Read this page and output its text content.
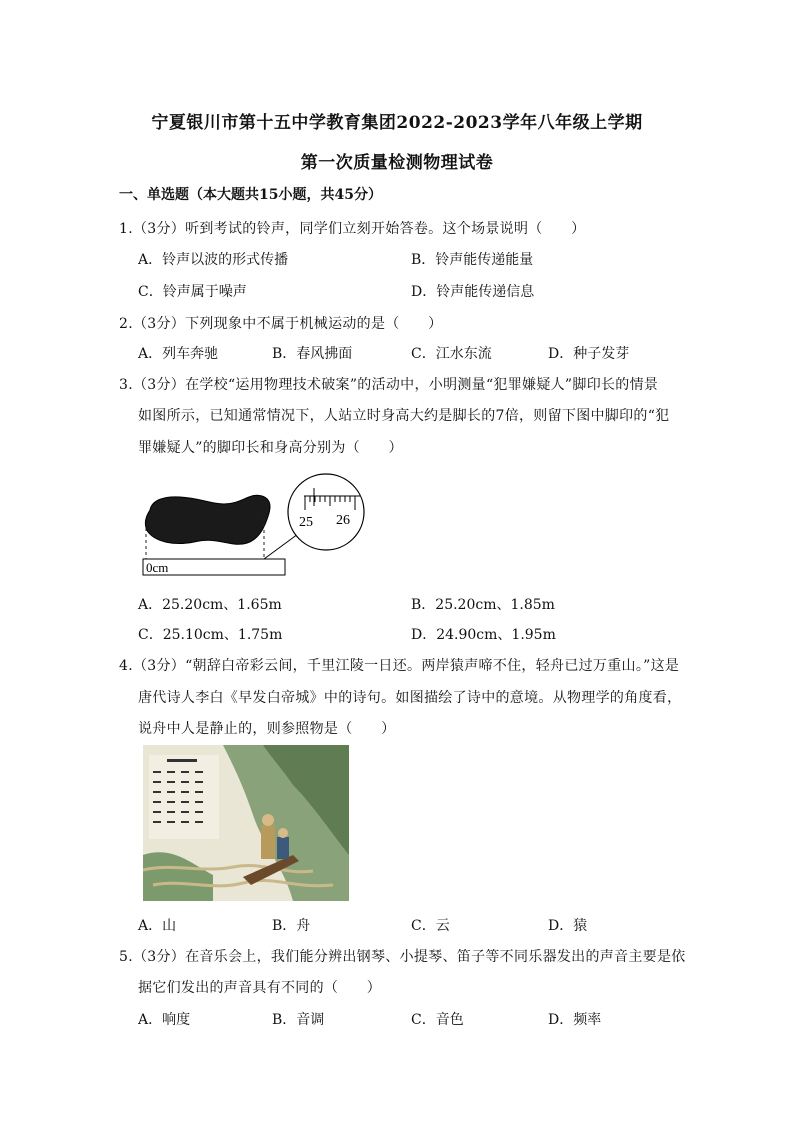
宁夏银川市第十五中学教育集团2022-2023学年八年级上学期
第一次质量检测物理试卷
一、单选题（本大题共15小题，共45分）
1.（3分）听到考试的铃声，同学们立刻开始答卷。这个场景说明（　　）
A．铃声以波的形式传播	B．铃声能传递能量
C．铃声属于噪声	D．铃声能传递信息
2.（3分）下列现象中不属于机械运动的是（　　）
A．列车奔驰	B．春风拂面	C．江水东流	D．种子发芽
3.（3分）在学校“运用物理技术破案”的活动中，小明测量“犯罪嫌疑人”脚印长的情景
如图所示，已知通常情况下，人站立时身高大约是脚长的7倍，则留下图中脚印的“犯
罪嫌疑人”的脚印长和身高分别为（　　）
0cm
25 26
A．25.20cm、1.65m	B．25.20cm、1.85m
C．25.10cm、1.75m	D．24.90cm、1.95m
4.（3分）“朝辞白帝彩云间，千里江陵一日还。两岸猿声啼不住，轻舟已过万重山。”这是
唐代诗人李白《早发白帝城》中的诗句。如图描绘了诗中的意境。从物理学的角度看，
说舟中人是静止的，则参照物是（　　）
A．山	B．舟	C．云	D．猿
5.（3分）在音乐会上，我们能分辨出钢琴、小提琴、笛子等不同乐器发出的声音主要是依
据它们发出的声音具有不同的（　　）
A．响度	B．音调	C．音色	D．频率
